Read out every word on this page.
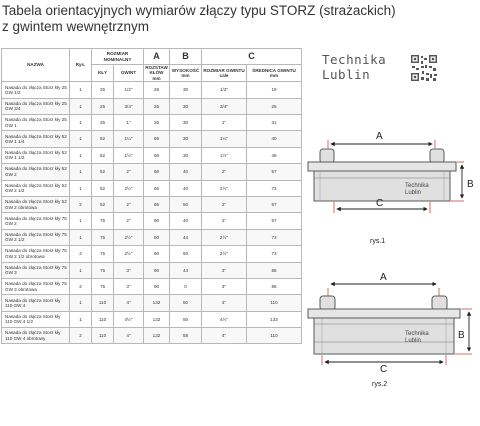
Tabela orientacyjnych wymiarów złączy typu STORZ (strażackich)
z gwintem wewnętrznym
NAZWA	Rys.	ROZMIAR NOMINALNY		A	B	C	
		KŁY	GWINT	ROZSTAW KŁÓW mm	WYSOKOŚĆ mm	ROZMIAR GWINTU cale	ŚREDNICA GWINTU mm
Nasada do złącza Storz kły 25 GW 1/2	1	25	1/2"	26	30	1/2"	19
Nasada do złącza Storz kły 25 GW 3/4	1	25	3/4"	26	30	3/4"	25
Nasada do złącza Storz kły 25 GW 1	1	25	1"	26	30	1"	31
Nasada do złącza Storz kły 52 GW 1 1/4	1	52	1¼"	66	30	1¼"	40
Nasada do złącza Storz kły 52 GW 1 1/2	1	52	1½"	66	30	1½"	45
Nasada do złącza Storz kły 52 GW 2	1	52	2"	66	40	2"	57
Nasada do złącza Storz kły 52 GW 2 1/2	1	52	2½"	66	40	2½''	73
Nasada do złącza Storz kły 52 GW 2 obrotowa	2	52	2"	66	50	2"	57
Nasada do złącza Storz kły 75 GW 2	1	75	2"	90	40	2"	57
Nasada do złącza Storz kły 75 GW 2 1/2	1	75	2½"	90	44	2½''	73
Nasada do złącza Storz kły 75 GW 2 1/2 obrotowa	2	75	2½"	90	50	2½''	73
Nasada do złącza Storz kły 75 GW 3	1	75	3"	90	44	3"	86
Nasada do złącza Storz kły 75 GW 3 obrotowa	2	75	3"	90	0	3"	86
Nasada do złącza Storz kły 110 GW 4	1	110	4"	132	50	4"	110
Nasada do złącza Storz kły 110 GW 4 1/2	1	110	4½"	132	50	4½''	123
Nasada do złącza Storz kły 110 GW 4 obrotowy	2	110	4"	132	58	4"	110
Technika
Lublin
A
Technika
Lublin
B
C
rys.1
A
Technika
Lublin	B
C
rys.2
